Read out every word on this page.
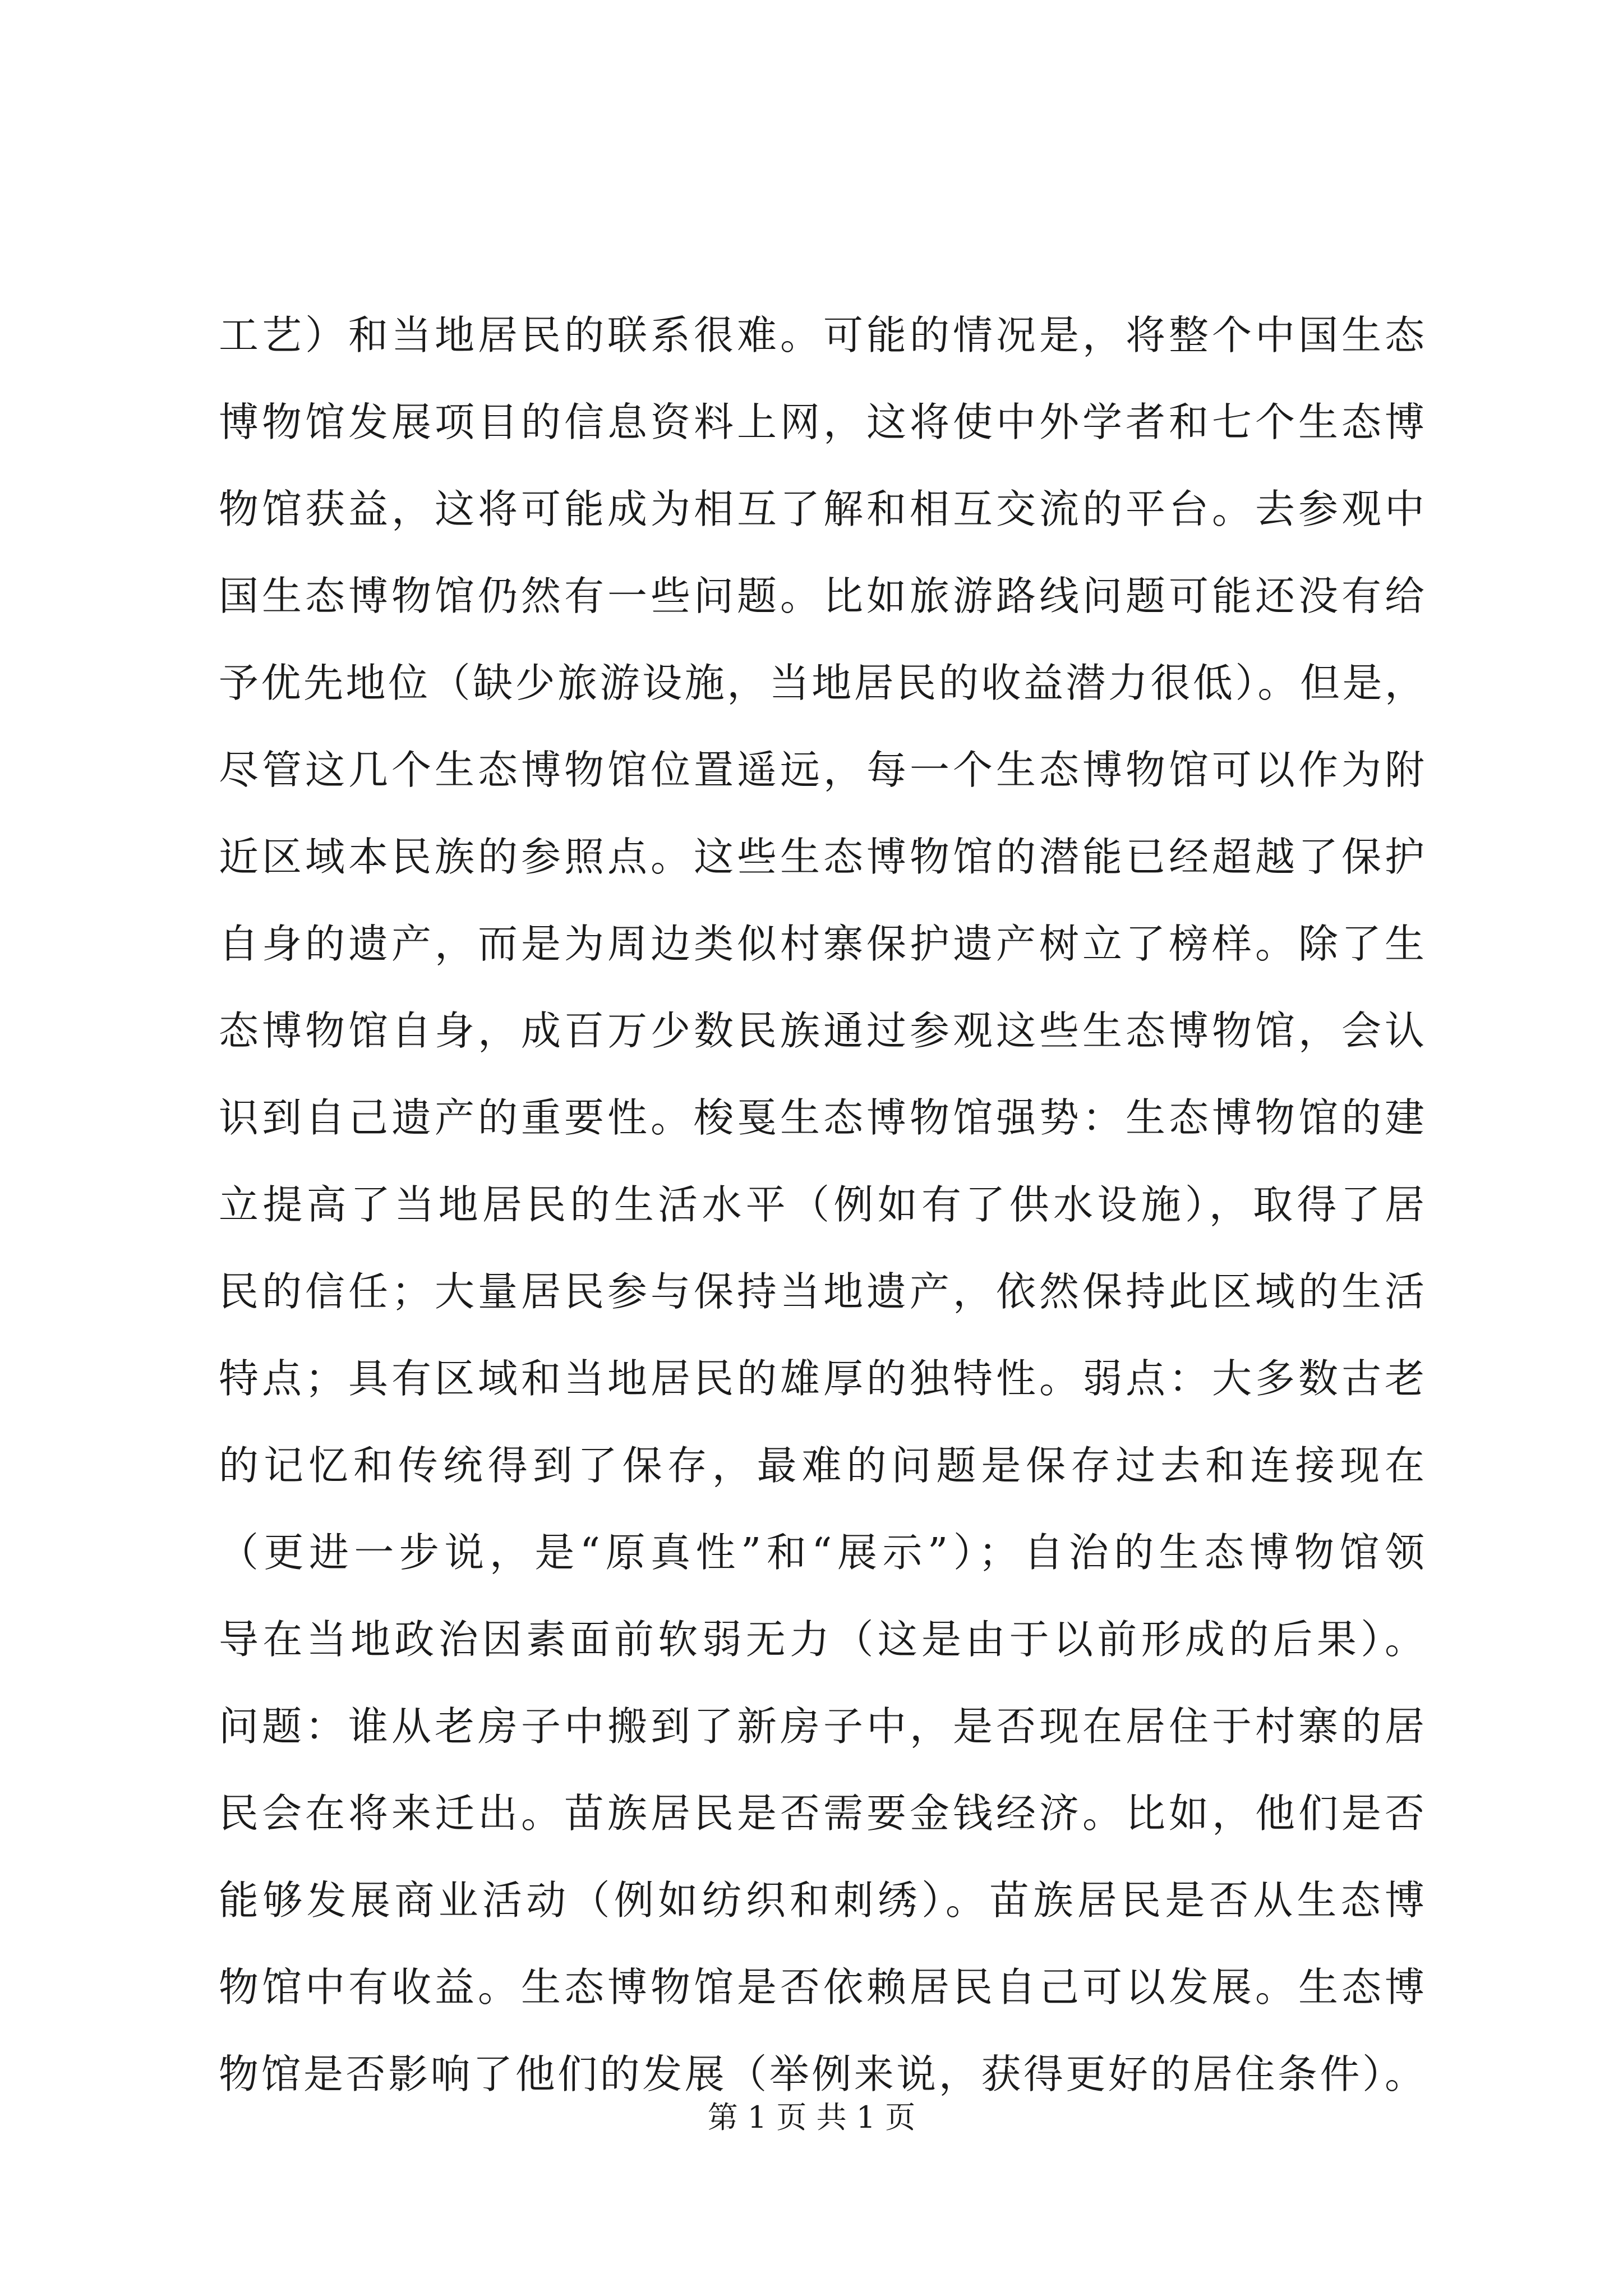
工艺）和当地居民的联系很难。可能的情况是，将整个中国生态
博物馆发展项目的信息资料上网，这将使中外学者和七个生态博
物馆获益，这将可能成为相互了解和相互交流的平台。去参观中
国生态博物馆仍然有一些问题。比如旅游路线问题可能还没有给
予优先地位（缺少旅游设施，当地居民的收益潜力很低）。但是，
尽管这几个生态博物馆位置遥远，每一个生态博物馆可以作为附
近区域本民族的参照点。这些生态博物馆的潜能已经超越了保护
自身的遗产，而是为周边类似村寨保护遗产树立了榜样。除了生
态博物馆自身，成百万少数民族通过参观这些生态博物馆，会认
识到自己遗产的重要性。梭戛生态博物馆强势：生态博物馆的建
立提高了当地居民的生活水平（例如有了供水设施），取得了居
民的信任；大量居民参与保持当地遗产，依然保持此区域的生活
特点；具有区域和当地居民的雄厚的独特性。弱点：大多数古老
的记忆和传统得到了保存，最难的问题是保存过去和连接现在
（更进一步说，是“原真性”和“展示”）；自治的生态博物馆领
导在当地政治因素面前软弱无力（这是由于以前形成的后果）。
问题：谁从老房子中搬到了新房子中，是否现在居住于村寨的居
民会在将来迁出。苗族居民是否需要金钱经济。比如，他们是否
能够发展商业活动（例如纺织和刺绣）。苗族居民是否从生态博
物馆中有收益。生态博物馆是否依赖居民自己可以发展。生态博
物馆是否影响了他们的发展（举例来说，获得更好的居住条件）。
第 1 页 共 1 页
